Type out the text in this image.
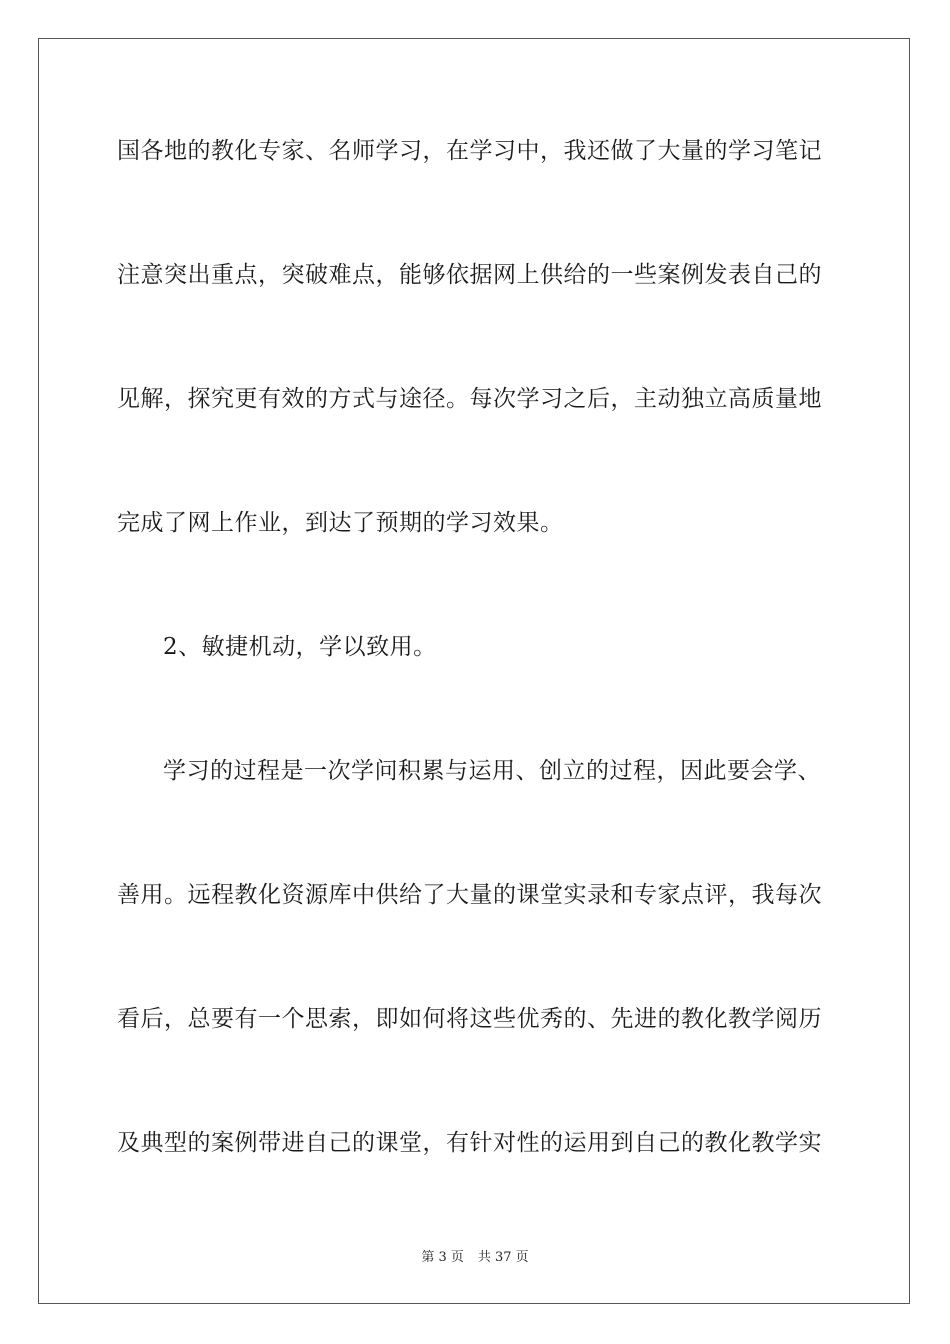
国各地的教化专家、名师学习，在学习中，我还做了大量的学习笔记
注意突出重点，突破难点，能够依据网上供给的一些案例发表自己的
见解，探究更有效的方式与途径。每次学习之后，主动独立高质量地
完成了网上作业，到达了预期的学习效果。
2、敏捷机动，学以致用。
学习的过程是一次学问积累与运用、创立的过程，因此要会学、
善用。远程教化资源库中供给了大量的课堂实录和专家点评，我每次
看后，总要有一个思索，即如何将这些优秀的、先进的教化教学阅历
及典型的案例带进自己的课堂，有针对性的运用到自己的教化教学实
第 3 页 共 37 页
